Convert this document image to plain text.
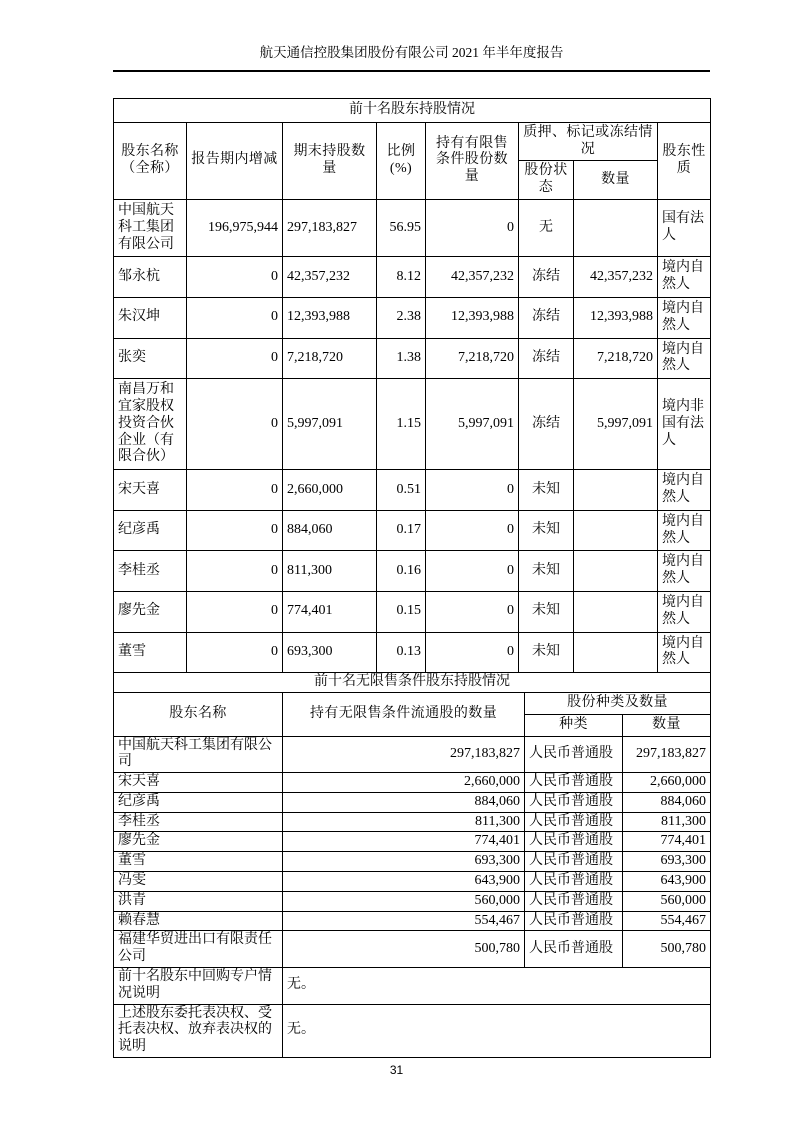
航天通信控股集团股份有限公司 2021 年半年度报告
前十名股东持股情况							
股东名称（全称）	报告期内增减	期末持股数量	比例(%)	持有有限售条件股份数量	质押、标记或冻结情况		股东性质
					股份状态	数量	
中国航天科工集团有限公司	196,975,944	297,183,827	56.95	0	无		国有法人
邹永杭	0	42,357,232	8.12	42,357,232	冻结	42,357,232	境内自然人
朱汉坤	0	12,393,988	2.38	12,393,988	冻结	12,393,988	境内自然人
张奕	0	7,218,720	1.38	7,218,720	冻结	7,218,720	境内自然人
南昌万和宜家股权投资合伙企业（有限合伙）	0	5,997,091	1.15	5,997,091	冻结	5,997,091	境内非国有法人
宋天喜	0	2,660,000	0.51	0	未知		境内自然人
纪彦禹	0	884,060	0.17	0	未知		境内自然人
李桂丞	0	811,300	0.16	0	未知		境内自然人
廖先金	0	774,401	0.15	0	未知		境内自然人
董雪	0	693,300	0.13	0	未知		境内自然人
前十名无限售条件股东持股情况			
股东名称	持有无限售条件流通股的数量	股份种类及数量	
		种类	数量
中国航天科工集团有限公司	297,183,827	人民币普通股	297,183,827
宋天喜	2,660,000	人民币普通股	2,660,000
纪彦禹	884,060	人民币普通股	884,060
李桂丞	811,300	人民币普通股	811,300
廖先金	774,401	人民币普通股	774,401
董雪	693,300	人民币普通股	693,300
冯雯	643,900	人民币普通股	643,900
洪青	560,000	人民币普通股	560,000
赖春慧	554,467	人民币普通股	554,467
福建华贸进出口有限责任公司	500,780	人民币普通股	500,780
前十名股东中回购专户情况说明	无。		
上述股东委托表决权、受托表决权、放弃表决权的说明	无。		
31
